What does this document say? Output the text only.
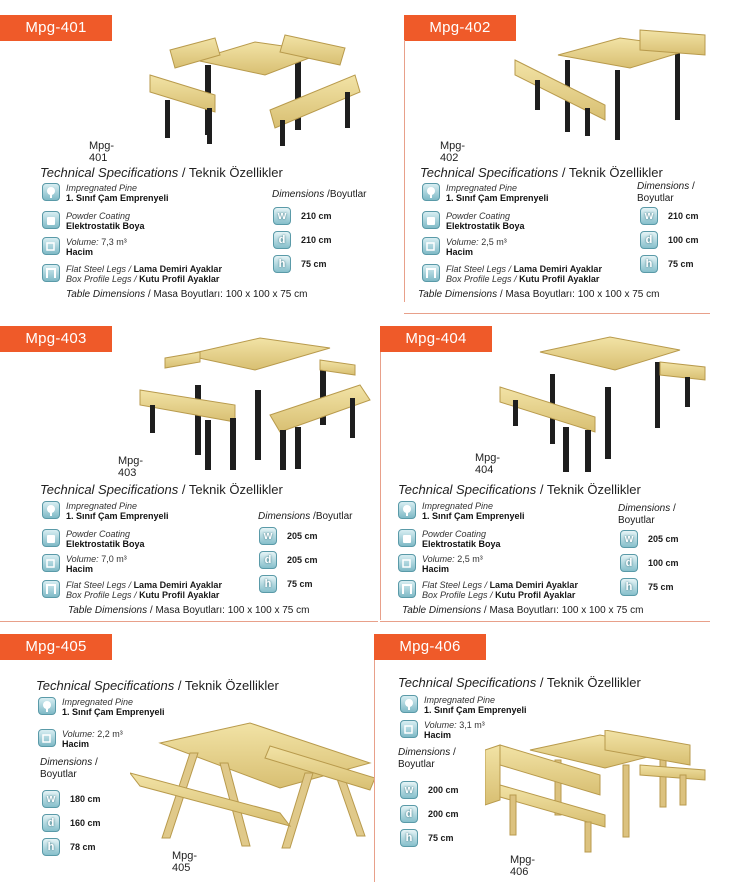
Mpg-401
Mpg-401
Technical Specifications / Teknik Özellikler
Impregnated Pine
1. Sınıf Çam Emprenyeli
Powder Coating
Elektrostatik Boya
Volume: 7,3 m³
Hacim
Flat Steel Legs / Lama Demiri Ayaklar
Box Profile Legs / Kutu Profil Ayaklar
Dimensions /Boyutlar
w	210 cm
d	210 cm
h	75 cm
Table Dimensions / Masa Boyutları: 100 x 100 x 75 cm
Mpg-402
Mpg-402
Technical Specifications / Teknik Özellikler
Impregnated Pine
1. Sınıf Çam Emprenyeli
Powder Coating
Elektrostatik Boya
Volume: 2,5 m³
Hacim
Flat Steel Legs / Lama Demiri Ayaklar
Box Profile Legs / Kutu Profil Ayaklar
Dimensions /
Boyutlar
w	210 cm
d	100 cm
h	75 cm
Table Dimensions / Masa Boyutları: 100 x 100 x 75 cm
Mpg-403
Mpg-403
Technical Specifications / Teknik Özellikler
Impregnated Pine
1. Sınıf Çam Emprenyeli
Powder Coating
Elektrostatik Boya
Volume: 7,0 m³
Hacim
Flat Steel Legs / Lama Demiri Ayaklar
Box Profile Legs / Kutu Profil Ayaklar
Dimensions /Boyutlar
w	205 cm
d	205 cm
h	75 cm
Table Dimensions / Masa Boyutları: 100 x 100 x 75 cm
Mpg-404
Mpg-404
Technical Specifications / Teknik Özellikler
Impregnated Pine
1. Sınıf Çam Emprenyeli
Powder Coating
Elektrostatik Boya
Volume: 2,5 m³
Hacim
Flat Steel Legs / Lama Demiri Ayaklar
Box Profile Legs / Kutu Profil Ayaklar
Dimensions /
Boyutlar
w	205 cm
d	100 cm
h	75 cm
Table Dimensions / Masa Boyutları: 100 x 100 x 75 cm
Mpg-405
Technical Specifications / Teknik Özellikler
Impregnated Pine
1. Sınıf Çam Emprenyeli
Volume: 2,2 m³
Hacim
Dimensions /
Boyutlar
w	180 cm
d	160 cm
h	78 cm
Mpg-405
Mpg-406
Technical Specifications / Teknik Özellikler
Impregnated Pine
1. Sınıf Çam Emprenyeli
Volume: 3,1 m³
Hacim
Dimensions /
Boyutlar
w	200 cm
d	200 cm
h	75 cm
Mpg-406
